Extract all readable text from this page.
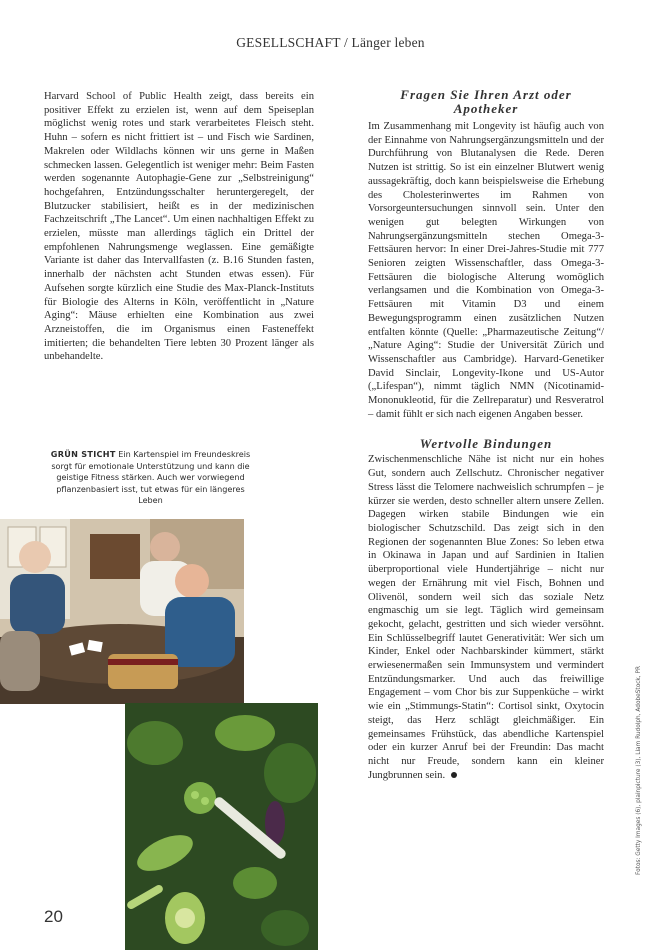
GESELLSCHAFT / Länger leben

Harvard School of Public Health zeigt, dass bereits ein positiver Effekt zu erzielen ist, wenn auf dem Speiseplan möglichst wenig rotes und stark verarbeitetes Fleisch steht. Huhn – sofern es nicht frittiert ist – und Fisch wie Sardinen, Makrelen oder Wildlachs können wir uns gerne in Maßen schmecken lassen. Gelegentlich ist weniger mehr: Beim Fasten werden sogenannte Autophagie-Gene zur „Selbstreinigung“ hochgefahren, Entzündungsschalter heruntergeregelt, der Blutzucker stabilisiert, heißt es in der medizinischen Fachzeitschrift „The Lancet“. Um einen nachhaltigen Effekt zu erzielen, müsste man allerdings täglich ein Drittel der empfohlenen Nahrungsmenge weglassen. Eine gemäßigte Variante ist daher das Intervallfasten (z. B.16 Stunden fasten, innerhalb der nächsten acht Stunden etwas essen). Für Aufsehen sorgte kürzlich eine Studie des Max-Planck-Instituts für Biologie des Alterns in Köln, veröffentlicht in „Nature Aging“: Mäuse erhielten eine Kombination aus zwei Arzneistoffen, die im Organismus einen Fasteneffekt imitierten; die behandelten Tiere lebten 30 Prozent länger als unbehandelte.

GRÜN STICHT Ein Kartenspiel im Freundeskreis sorgt für emotionale Unterstützung und kann die geistige Fitness stärken. Auch wer vorwiegend pflanzenbasiert isst, tut etwas für ein längeres Leben
Fragen Sie Ihren Arzt oder Apotheker

Im Zusammenhang mit Longevity ist häufig auch von der Einnahme von Nahrungsergänzungsmitteln und der Durchführung von Blutanalysen die Rede. Deren Nutzen ist strittig. So ist ein einzelner Blutwert wenig aussagekräftig, doch kann beispielsweise die Erhebung des Cholesterinwertes im Rahmen von Vorsorgeuntersuchungen sinnvoll sein. Unter den wenigen gut belegten Wirkungen von Nahrungsergänzungsmitteln stechen Omega-3-Fettsäuren hervor: In einer Drei-Jahres-Studie mit 777 Senioren zeigten Wissenschaftler, dass Omega-3-Fettsäuren die biologische Alterung womöglich verlangsamen und die Kombination von Omega-3-Fettsäuren mit Vitamin D3 und einem Bewegungsprogramm einen zusätzlichen Nutzen entfalten könnte (Quelle: „Pharmazeutische Zeitung“/„Nature Aging“: Studie der Universität Zürich und Wissenschaftler aus Cambridge). Harvard-Genetiker David Sinclair, Longevity-Ikone und US-Autor („Lifespan“), nimmt täglich NMN (Nicotinamid-Mononukleotid, für die Zellreparatur) und Resveratrol – damit fühlt er sich nach eigenen Angaben besser.

Wertvolle Bindungen

Zwischenmenschliche Nähe ist nicht nur ein hohes Gut, sondern auch Zellschutz. Chronischer negativer Stress lässt die Telomere nachweislich schrumpfen – je kürzer sie werden, desto schneller altern unsere Zellen. Dagegen wirken stabile Bindungen wie ein biologischer Schutzschild. Das zeigt sich in den Regionen der sogenannten Blue Zones: So leben etwa in Okinawa in Japan und auf Sardinien in Italien überproportional viele Hundertjährige – nicht nur wegen der Ernährung mit viel Fisch, Bohnen und Olivenöl, sondern weil sich das soziale Netz engmaschig um sie legt. Täglich wird gemeinsam gekocht, gelacht, gestritten und sich wieder versöhnt. Ein Schlüsselbegriff lautet Generativität: Wer sich um Kinder, Enkel oder Nachbarskinder kümmert, stärkt erwiesenermaßen sein Immunsystem und vermindert Entzündungsmarker. Und auch das freiwillige Engagement – vom Chor bis zur Suppenküche – wirkt wie ein „Stimmungs-Statin“: Cortisol sinkt, Oxytocin steigt, das Herz schlägt gleichmäßiger. Ein gemeinsames Frühstück, das abendliche Kartenspiel oder ein kurzer Anruf bei der Freundin: Das macht nicht nur Freude, sondern kann ein kleiner Jungbrunnen sein.

20
Fotos: Getty Images (6), plainpicture (3), Liam Rudolph, AdobeStock, PR
